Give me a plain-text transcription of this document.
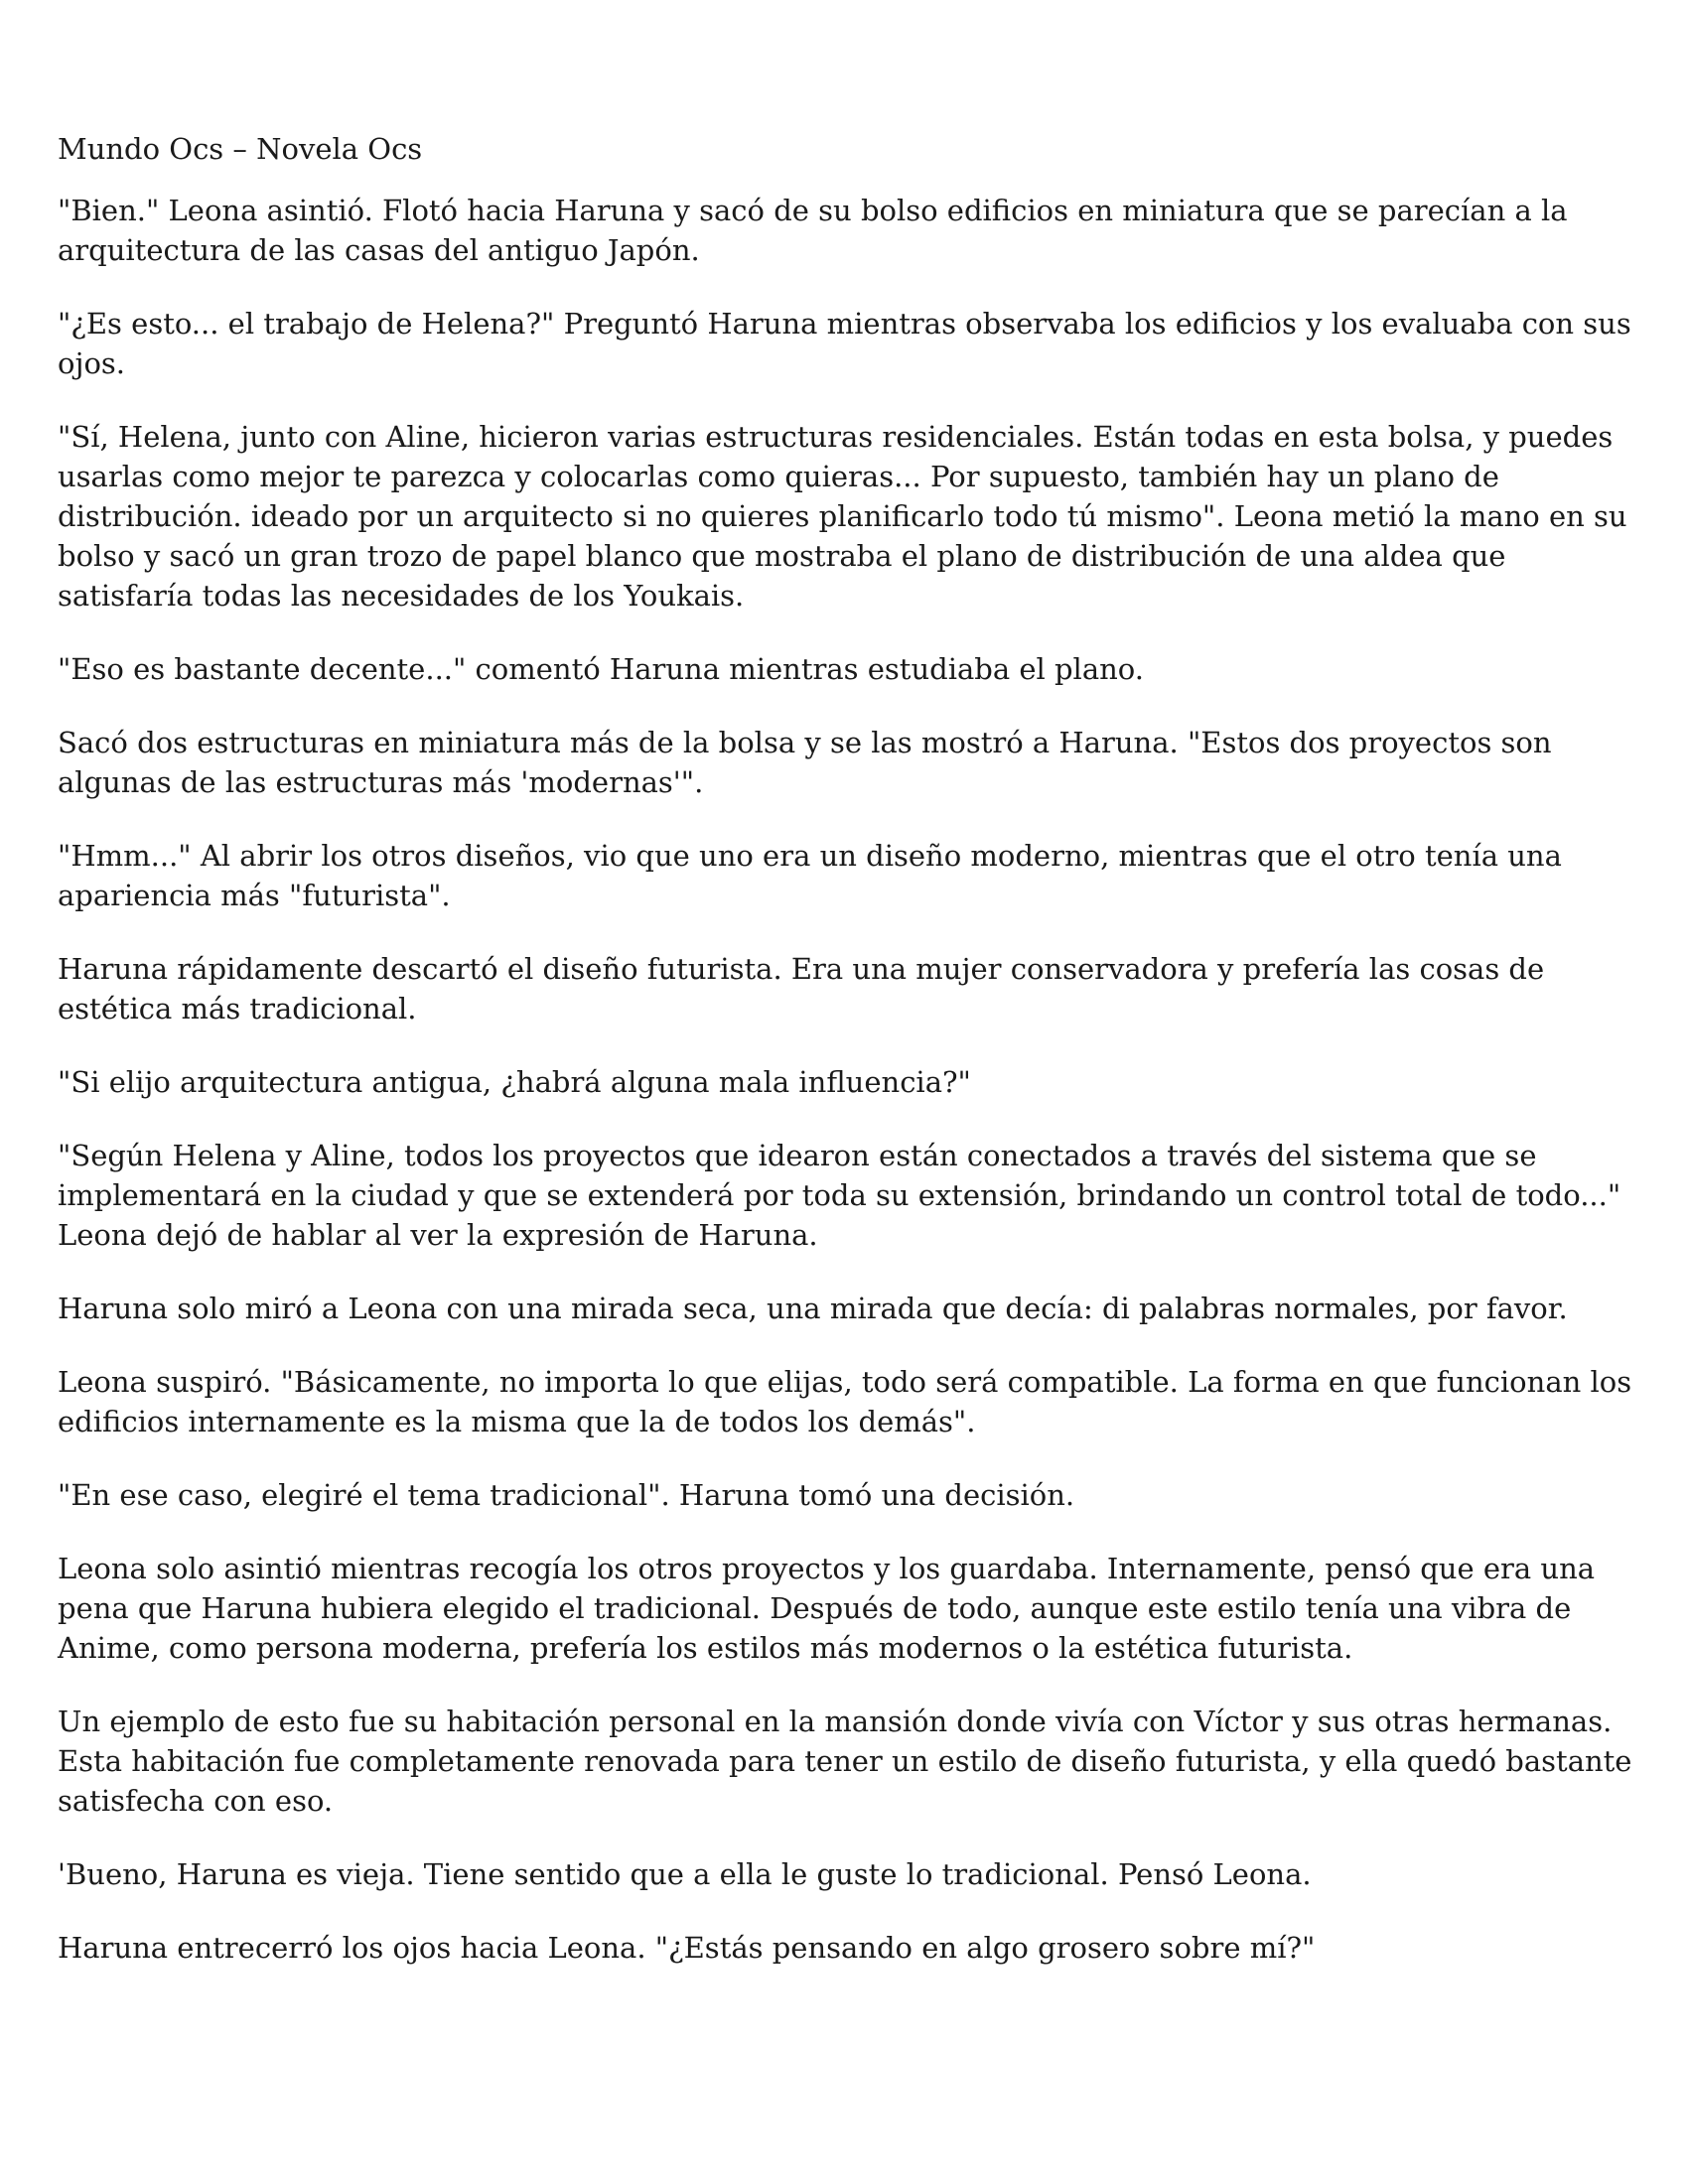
Mundo Ocs – Novela Ocs

"Bien." Leona asintió. Flotó hacia Haruna y sacó de su bolso edificios en miniatura que se parecían a la arquitectura de las casas del antiguo Japón.

"¿Es esto... el trabajo de Helena?" Preguntó Haruna mientras observaba los edificios y los evaluaba con sus ojos.

"Sí, Helena, junto con Aline, hicieron varias estructuras residenciales. Están todas en esta bolsa, y puedes usarlas como mejor te parezca y colocarlas como quieras... Por supuesto, también hay un plano de distribución. ideado por un arquitecto si no quieres planificarlo todo tú mismo". Leona metió la mano en su bolso y sacó un gran trozo de papel blanco que mostraba el plano de distribución de una aldea que satisfaría todas las necesidades de los Youkais.

"Eso es bastante decente..." comentó Haruna mientras estudiaba el plano.

Sacó dos estructuras en miniatura más de la bolsa y se las mostró a Haruna. "Estos dos proyectos son algunas de las estructuras más 'modernas'".

"Hmm..." Al abrir los otros diseños, vio que uno era un diseño moderno, mientras que el otro tenía una apariencia más "futurista".

Haruna rápidamente descartó el diseño futurista. Era una mujer conservadora y prefería las cosas de estética más tradicional.

"Si elijo arquitectura antigua, ¿habrá alguna mala influencia?"

"Según Helena y Aline, todos los proyectos que idearon están conectados a través del sistema que se implementará en la ciudad y que se extenderá por toda su extensión, brindando un control total de todo..." Leona dejó de hablar al ver la expresión de Haruna.

Haruna solo miró a Leona con una mirada seca, una mirada que decía: di palabras normales, por favor.

Leona suspiró. "Básicamente, no importa lo que elijas, todo será compatible. La forma en que funcionan los edificios internamente es la misma que la de todos los demás".

"En ese caso, elegiré el tema tradicional". Haruna tomó una decisión.

Leona solo asintió mientras recogía los otros proyectos y los guardaba. Internamente, pensó que era una pena que Haruna hubiera elegido el tradicional. Después de todo, aunque este estilo tenía una vibra de Anime, como persona moderna, prefería los estilos más modernos o la estética futurista.

Un ejemplo de esto fue su habitación personal en la mansión donde vivía con Víctor y sus otras hermanas. Esta habitación fue completamente renovada para tener un estilo de diseño futurista, y ella quedó bastante satisfecha con eso.

'Bueno, Haruna es vieja. Tiene sentido que a ella le guste lo tradicional. Pensó Leona.

Haruna entrecerró los ojos hacia Leona. "¿Estás pensando en algo grosero sobre mí?"
